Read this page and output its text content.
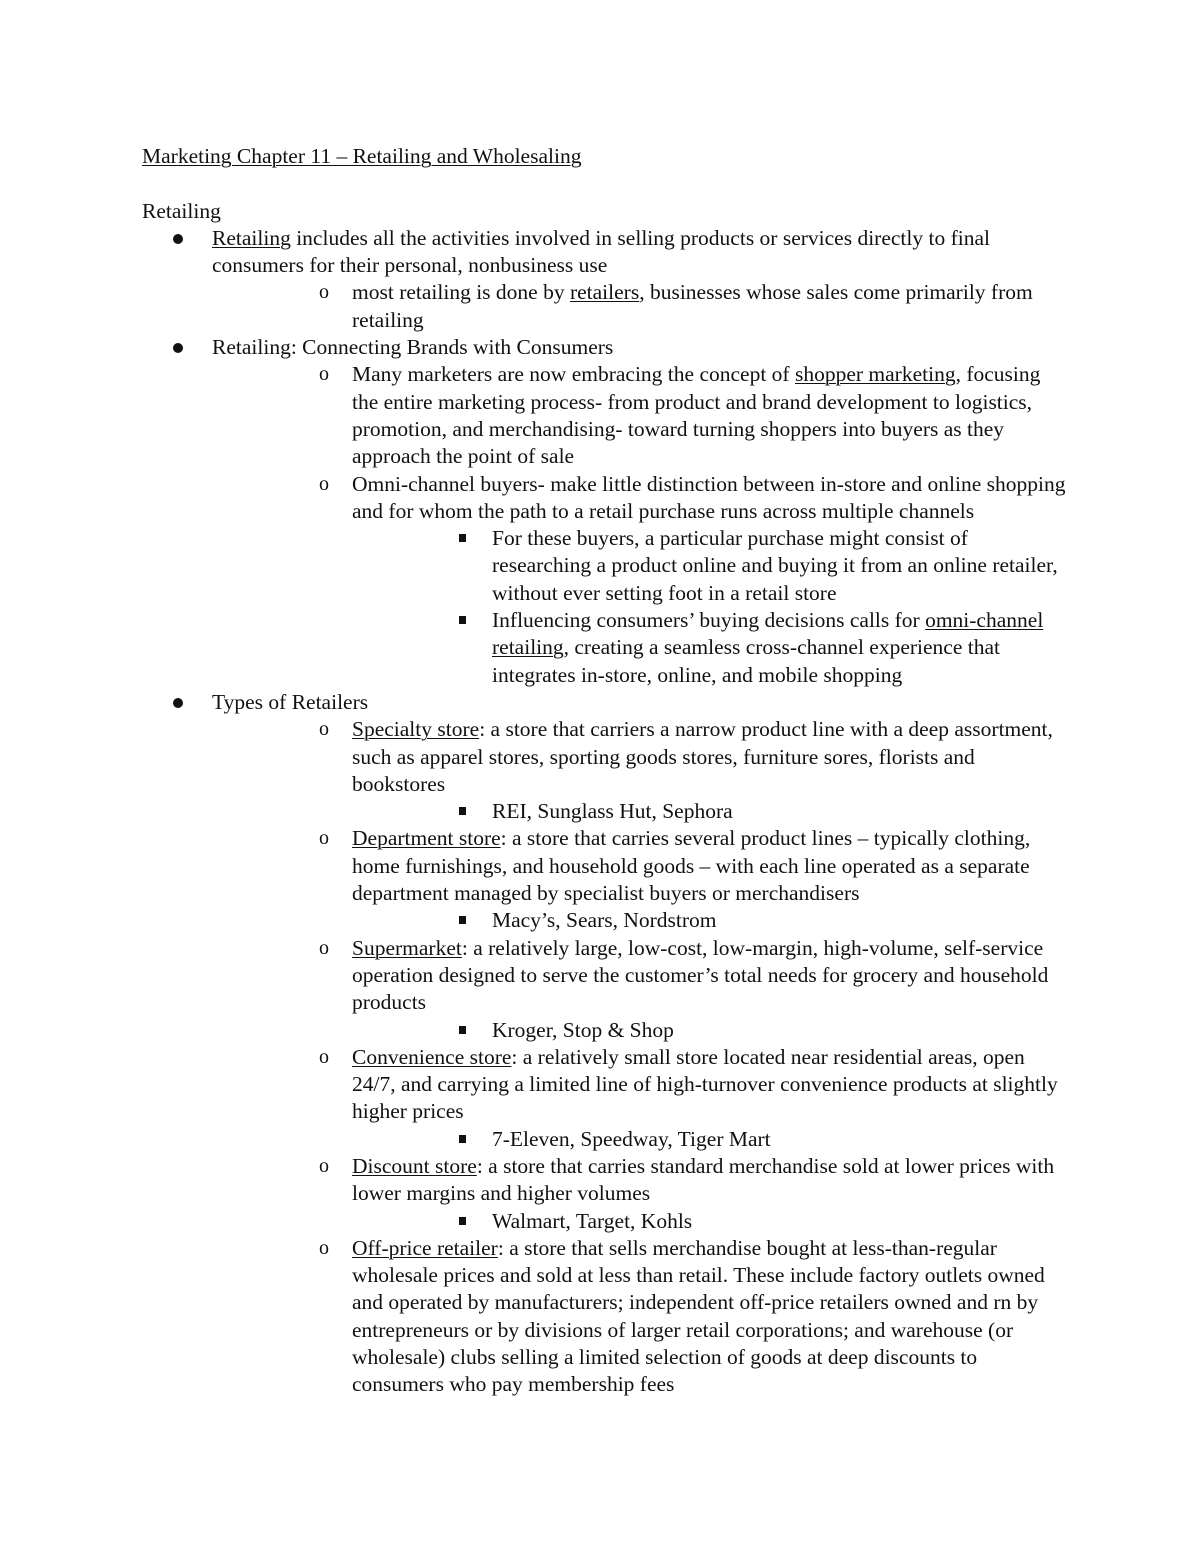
Marketing Chapter 11 – Retailing and Wholesaling

Retailing

Retailing includes all the activities involved in selling products or services directly to final consumers for their personal, nonbusiness use
o most retailing is done by retailers, businesses whose sales come primarily from retailing
Retailing: Connecting Brands with Consumers
o Many marketers are now embracing the concept of shopper marketing, focusing the entire marketing process- from product and brand development to logistics, promotion, and merchandising- toward turning shoppers into buyers as they approach the point of sale
o Omni-channel buyers- make little distinction between in-store and online shopping and for whom the path to a retail purchase runs across multiple channels
For these buyers, a particular purchase might consist of researching a product online and buying it from an online retailer, without ever setting foot in a retail store
Influencing consumers’ buying decisions calls for omni-channel retailing, creating a seamless cross-channel experience that integrates in-store, online, and mobile shopping
Types of Retailers
o Specialty store: a store that carriers a narrow product line with a deep assortment, such as apparel stores, sporting goods stores, furniture sores, florists and bookstores
REI, Sunglass Hut, Sephora
o Department store: a store that carries several product lines – typically clothing, home furnishings, and household goods – with each line operated as a separate department managed by specialist buyers or merchandisers
Macy’s, Sears, Nordstrom
o Supermarket: a relatively large, low-cost, low-margin, high-volume, self-service operation designed to serve the customer’s total needs for grocery and household products
Kroger, Stop & Shop
o Convenience store: a relatively small store located near residential areas, open 24/7, and carrying a limited line of high-turnover convenience products at slightly higher prices
7-Eleven, Speedway, Tiger Mart
o Discount store: a store that carries standard merchandise sold at lower prices with lower margins and higher volumes
Walmart, Target, Kohls
o Off-price retailer: a store that sells merchandise bought at less-than-regular wholesale prices and sold at less than retail. These include factory outlets owned and operated by manufacturers; independent off-price retailers owned and rn by entrepreneurs or by divisions of larger retail corporations; and warehouse (or wholesale) clubs selling a limited selection of goods at deep discounts to consumers who pay membership fees
